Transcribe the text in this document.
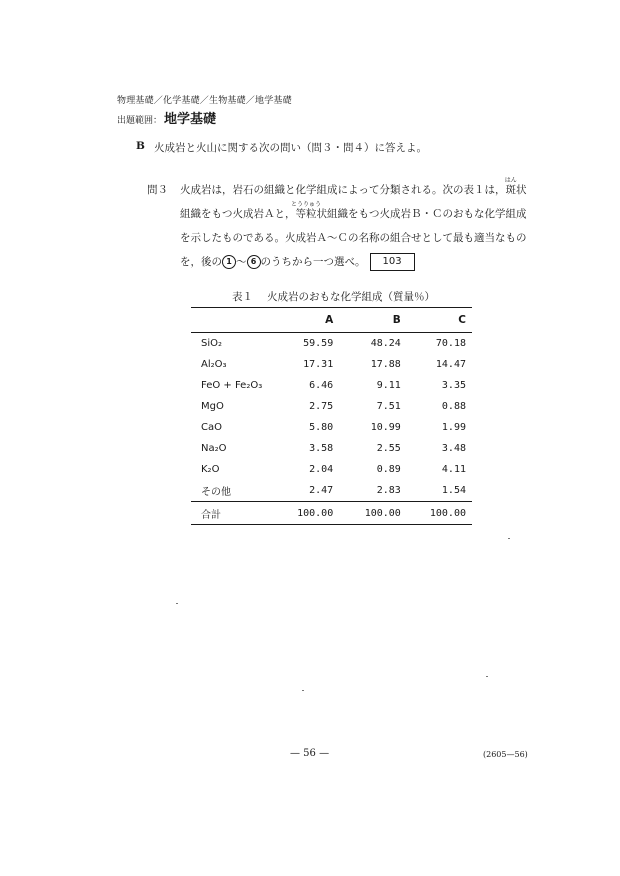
物理基礎／化学基礎／生物基礎／地学基礎
出題範囲： 地学基礎
B 火成岩と火山に関する次の問い（問３・問４）に答えよ。
問３ 火成岩は，岩石の組織と化学組成によって分類される。次の表１は，斑
はん
状
組織をもつ火成岩Ａと，等粒
とうりゅう
状組織をもつ火成岩Ｂ・Ｃのおもな化学組成
を示したものである。火成岩Ａ～Ｃの名称の組合せとして最も適当なもの
を，後の 1 ～ 6 のうちから一つ選べ。 103
表１ 火成岩のおもな化学組成（質量％）
	A	B	C
SiO₂	59.59	48.24	70.18
Al₂O₃	17.31	17.88	14.47
FeO + Fe₂O₃	6.46	9.11	3.35
MgO	2.75	7.51	0.88
CaO	5.80	10.99	1.99
Na₂O	3.58	2.55	3.48
K₂O	2.04	0.89	4.11
その他	2.47	2.83	1.54
合計	100.00	100.00	100.00
— 56 —	(2605—56)
